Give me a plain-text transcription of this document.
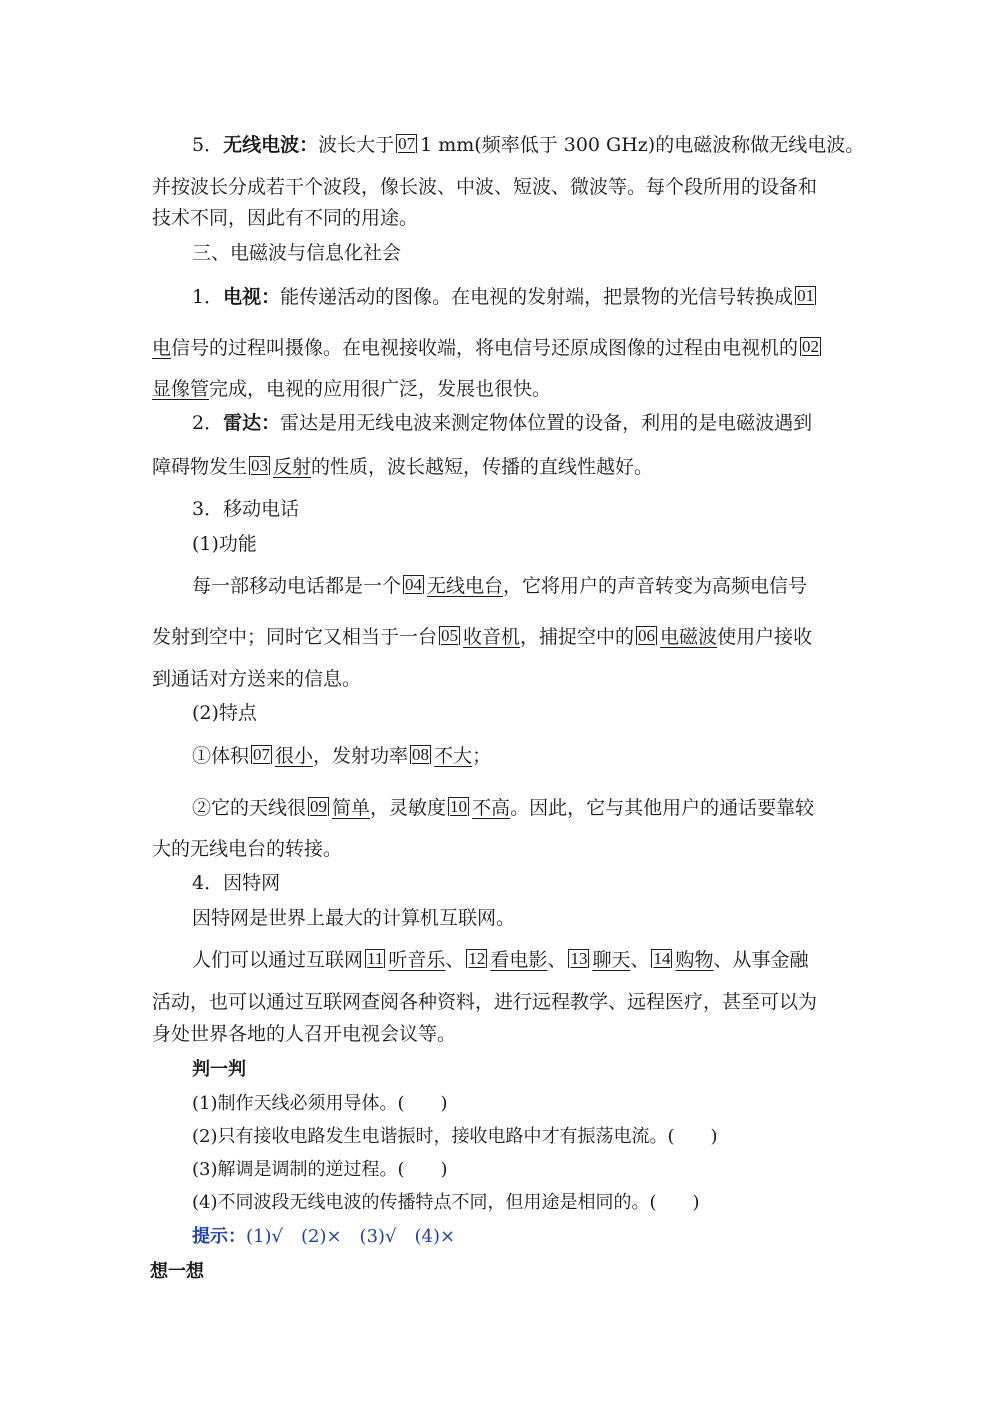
5．无线电波：波长大于 07 1 mm(频率低于 300 GHz)的电磁波称做无线电波。
并按波长分成若干个波段，像长波、中波、短波、微波等。每个段所用的设备和
技术不同，因此有不同的用途。
三、电磁波与信息化社会
1．电视：能传递活动的图像。在电视的发射端，把景物的光信号转换成 01
电信号的过程叫摄像。在电视接收端，将电信号还原成图像的过程由电视机的 02
显像管完成，电视的应用很广泛，发展也很快。
2．雷达：雷达是用无线电波来测定物体位置的设备，利用的是电磁波遇到
障碍物发生 03 反射的性质，波长越短，传播的直线性越好。
3．移动电话
(1)功能
每一部移动电话都是一个 04 无线电台，它将用户的声音转变为高频电信号
发射到空中；同时它又相当于一台 05 收音机，捕捉空中的 06 电磁波使用户接收
到通话对方送来的信息。
(2)特点
①体积 07 很小，发射功率 08 不大；
②它的天线很 09 简单，灵敏度 10 不高。因此，它与其他用户的通话要靠较
大的无线电台的转接。
4．因特网
因特网是世界上最大的计算机互联网。
人们可以通过互联网 11 听音乐、 12 看电影、 13 聊天、 14 购物、从事金融
活动，也可以通过互联网查阅各种资料，进行远程教学、远程医疗，甚至可以为
身处世界各地的人召开电视会议等。
判一判
(1)制作天线必须用导体。(　　)
(2)只有接收电路发生电谐振时，接收电路中才有振荡电流。(　　)
(3)解调是调制的逆过程。(　　)
(4)不同波段无线电波的传播特点不同，但用途是相同的。(　　)
提示：(1)√　(2)×　(3)√　(4)×
想一想
